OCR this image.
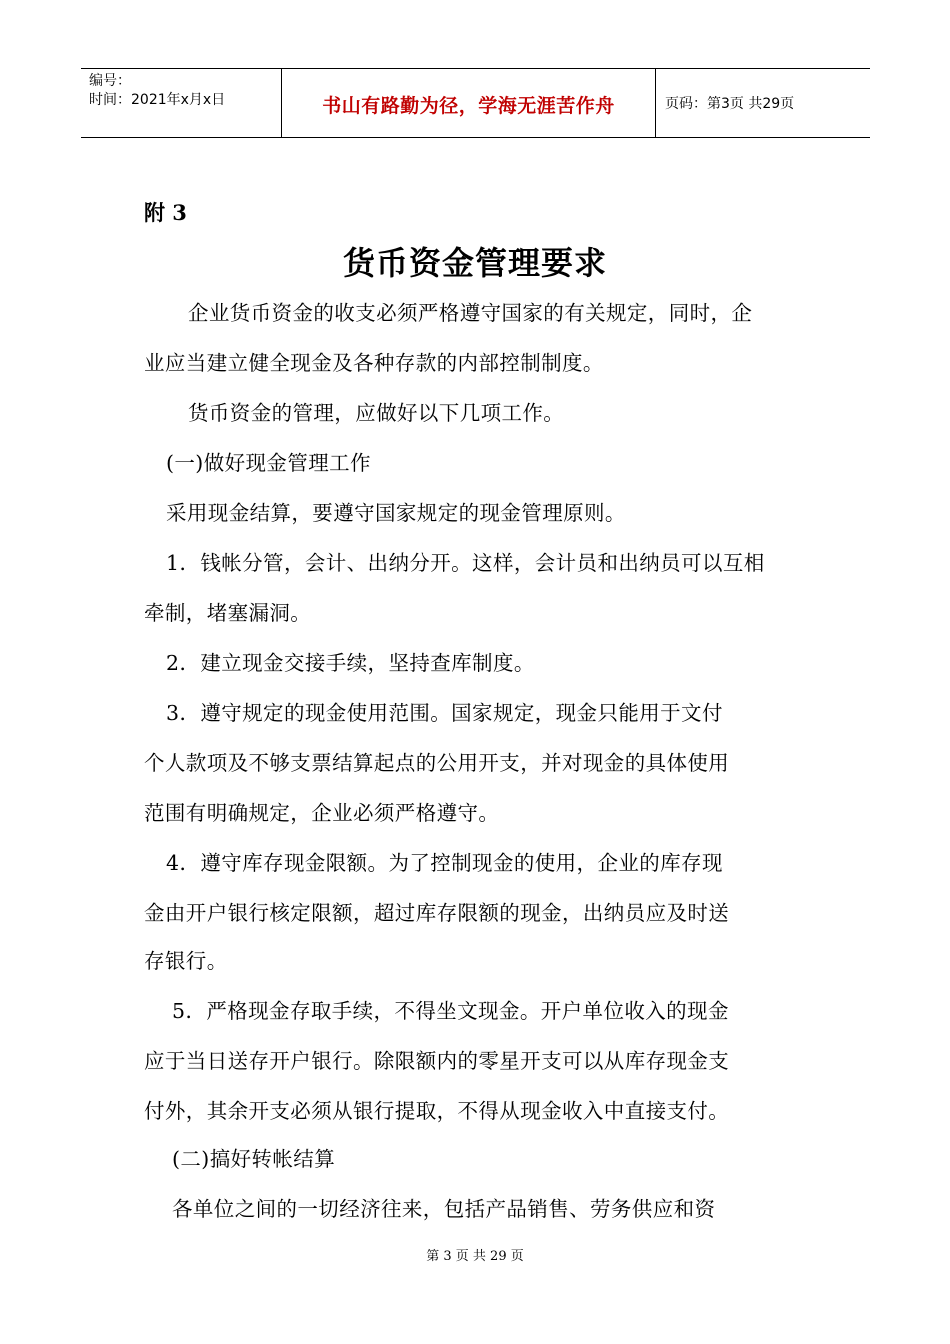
编号：
时间：2021年x月x日	书山有路勤为径，学海无涯苦作舟	页码：第3页 共29页
附 3
货币资金管理要求
企业货币资金的收支必须严格遵守国家的有关规定，同时，企
业应当建立健全现金及各种存款的内部控制制度。
货币资金的管理，应做好以下几项工作。
(一)做好现金管理工作
采用现金结算，要遵守国家规定的现金管理原则。
1．钱帐分管，会计、出纳分开。这样，会计员和出纳员可以互相
牵制，堵塞漏洞。
2．建立现金交接手续，坚持查库制度。
3．遵守规定的现金使用范围。国家规定，现金只能用于文付
个人款项及不够支票结算起点的公用开支，并对现金的具体使用
范围有明确规定，企业必须严格遵守。
4．遵守库存现金限额。为了控制现金的使用，企业的库存现
金由开户银行核定限额，超过库存限额的现金，出纳员应及时送
存银行。
5．严格现金存取手续，不得坐文现金。开户单位收入的现金
应于当日送存开户银行。除限额内的零星开支可以从库存现金支
付外，其余开支必须从银行提取，不得从现金收入中直接支付。
(二)搞好转帐结算
各单位之间的一切经济往来，包括产品销售、劳务供应和资
第 3 页 共 29 页
